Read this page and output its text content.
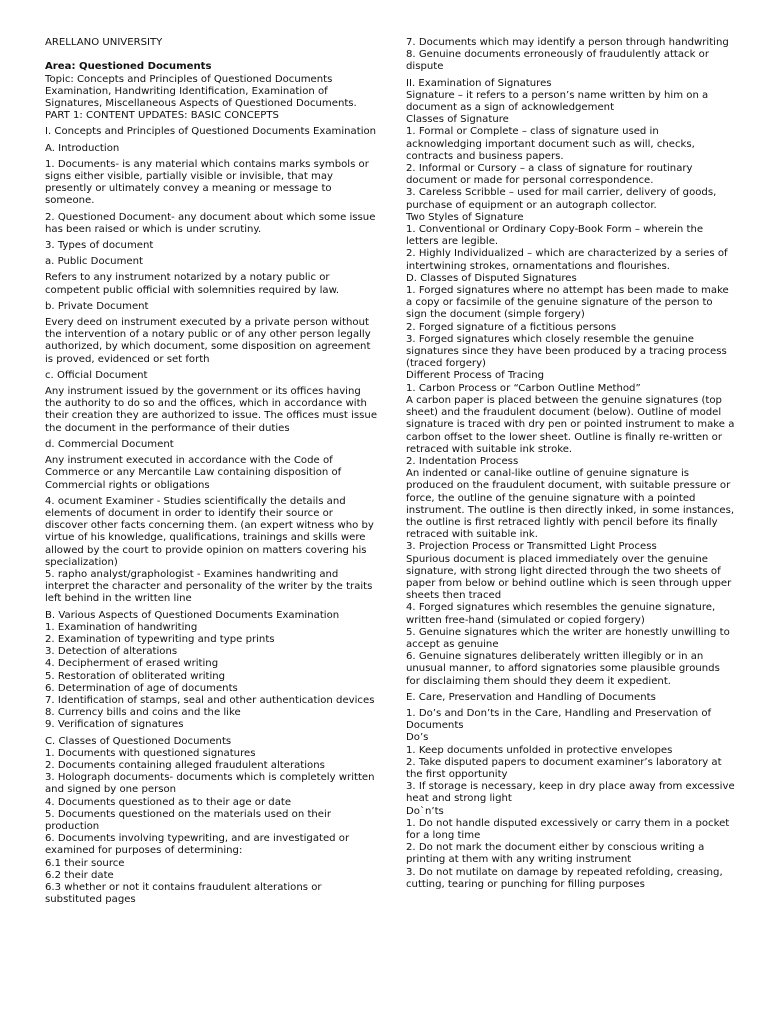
ARELLANO UNIVERSITY

Area: Questioned Documents

Topic: Concepts and Principles of Questioned Documents Examination, Handwriting Identification, Examination of Signatures, Miscellaneous Aspects of Questioned Documents.

PART 1: CONTENT UPDATES: BASIC CONCEPTS

I. Concepts and Principles of Questioned Documents Examination

A. Introduction

1. Documents- is any material which contains marks symbols or signs either visible, partially visible or invisible, that may presently or ultimately convey a meaning or message to someone.

2. Questioned Document- any document about which some issue has been raised or which is under scrutiny.

3. Types of document

a. Public Document

Refers to any instrument notarized by a notary public or competent public official with solemnities required by law.

b. Private Document

Every deed on instrument executed by a private person without the intervention of a notary public or of any other person legally authorized, by which document, some disposition on agreement is proved, evidenced or set forth

c. Official Document

Any instrument issued by the government or its offices having the authority to do so and the offices, which in accordance with their creation they are authorized to issue. The offices must issue the document in the performance of their duties

d. Commercial Document

Any instrument executed in accordance with the Code of Commerce or any Mercantile Law containing disposition of Commercial rights or obligations

4. ocument Examiner - Studies scientifically the details and elements of document in order to identify their source or discover other facts concerning them. (an expert witness who by virtue of his knowledge, qualifications, trainings and skills were allowed by the court to provide opinion on matters covering his specialization)

5. rapho analyst/graphologist - Examines handwriting and interpret the character and personality of the writer by the traits left behind in the written line

B. Various Aspects of Questioned Documents Examination

1. Examination of handwriting

2. Examination of typewriting and type prints

3. Detection of alterations

4. Decipherment of erased writing

5. Restoration of obliterated writing

6. Determination of age of documents

7. Identification of stamps, seal and other authentication devices

8. Currency bills and coins and the like

9. Verification of signatures

C. Classes of Questioned Documents

1. Documents with questioned signatures

2. Documents containing alleged fraudulent alterations

3. Holograph documents- documents which is completely written and signed by one person

4. Documents questioned as to their age or date

5. Documents questioned on the materials used on their production

6. Documents involving typewriting, and are investigated or examined for purposes of determining:

6.1 their source

6.2 their date

6.3 whether or not it contains fraudulent alterations or substituted pages

7. Documents which may identify a person through handwriting

8. Genuine documents erroneously of fraudulently attack or dispute

II. Examination of Signatures

Signature – it refers to a person’s name written by him on a document as a sign of acknowledgement

Classes of Signature

1. Formal or Complete – class of signature used in acknowledging important document such as will, checks, contracts and business papers.

2. Informal or Cursory – a class of signature for routinary document or made for personal correspondence.

3. Careless Scribble – used for mail carrier, delivery of goods, purchase of equipment or an autograph collector.

Two Styles of Signature

1. Conventional or Ordinary Copy-Book Form – wherein the letters are legible.

2. Highly Individualized – which are characterized by a series of intertwining strokes, ornamentations and flourishes.

D. Classes of Disputed Signatures

1. Forged signatures where no attempt has been made to make a copy or facsimile of the genuine signature of the person to sign the document (simple forgery)

2. Forged signature of a fictitious persons

3. Forged signatures which closely resemble the genuine signatures since they have been produced by a tracing process (traced forgery)

Different Process of Tracing

1. Carbon Process or “Carbon Outline Method”

A carbon paper is placed between the genuine signatures (top sheet) and the fraudulent document (below). Outline of model signature is traced with dry pen or pointed instrument to make a carbon offset to the lower sheet. Outline is finally re-written or retraced with suitable ink stroke.

2. Indentation Process

An indented or canal-like outline of genuine signature is produced on the fraudulent document, with suitable pressure or force, the outline of the genuine signature with a pointed instrument. The outline is then directly inked, in some instances, the outline is first retraced lightly with pencil before its finally retraced with suitable ink.

3. Projection Process or Transmitted Light Process

Spurious document is placed immediately over the genuine signature, with strong light directed through the two sheets of paper from below or behind outline which is seen through upper sheets then traced

4. Forged signatures which resembles the genuine signature, written free-hand (simulated or copied forgery)

5. Genuine signatures which the writer are honestly unwilling to accept as genuine

6. Genuine signatures deliberately written illegibly or in an unusual manner, to afford signatories some plausible grounds for disclaiming them should they deem it expedient.

E. Care, Preservation and Handling of Documents

1. Do’s and Don’ts in the Care, Handling and Preservation of Documents

Do’s

1. Keep documents unfolded in protective envelopes

2. Take disputed papers to document examiner’s laboratory at the first opportunity

3. If storage is necessary, keep in dry place away from excessive heat and strong light

Do`n’ts

1. Do not handle disputed excessively or carry them in a pocket for a long time

2. Do not mark the document either by conscious writing a printing at them with any writing instrument

3. Do not mutilate on damage by repeated refolding, creasing, cutting, tearing or punching for filling purposes
